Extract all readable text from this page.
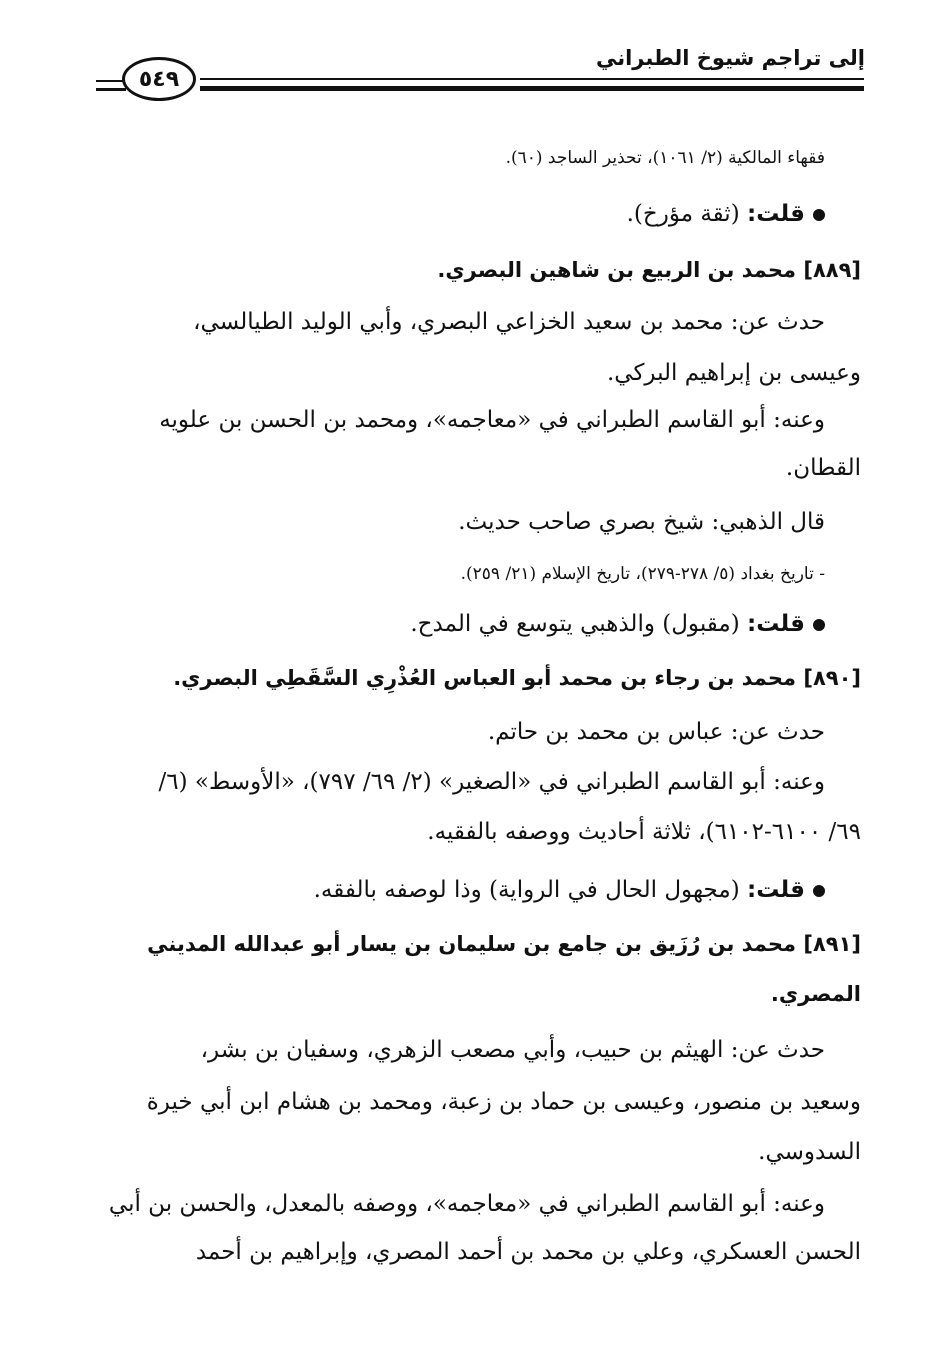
إلى تراجم شيوخ الطبراني
٥٤٩
فقهاء المالكية (٢/ ١٠٦١)، تحذير الساجد (٦٠).
قلت: (ثقة مؤرخ).
[٨٨٩] محمد بن الربيع بن شاهين البصري.
حدث عن: محمد بن سعيد الخزاعي البصري، وأبي الوليد الطيالسي،
وعيسى بن إبراهيم البركي.
وعنه: أبو القاسم الطبراني في «معاجمه»، ومحمد بن الحسن بن علويه
القطان.
قال الذهبي: شيخ بصري صاحب حديث.
- تاريخ بغداد (٥/ ٢٧٨-٢٧٩)، تاريخ الإسلام (٢١/ ٢٥٩).
قلت: (مقبول) والذهبي يتوسع في المدح.
[٨٩٠] محمد بن رجاء بن محمد أبو العباس العُذْرِي السَّقَطِي البصري.
حدث عن: عباس بن محمد بن حاتم.
وعنه: أبو القاسم الطبراني في «الصغير» (٢/ ٦٩/ ٧٩٧)، «الأوسط» (٦/
٦٩/ ٦١٠٠-٦١٠٢)، ثلاثة أحاديث ووصفه بالفقيه.
قلت: (مجهول الحال في الرواية) وذا لوصفه بالفقه.
[٨٩١] محمد بن رُزَيق بن جامع بن سليمان بن يسار أبو عبدالله المديني
المصري.
حدث عن: الهيثم بن حبيب، وأبي مصعب الزهري، وسفيان بن بشر،
وسعيد بن منصور، وعيسى بن حماد بن زعبة، ومحمد بن هشام ابن أبي خيرة
السدوسي.
وعنه: أبو القاسم الطبراني في «معاجمه»، ووصفه بالمعدل، والحسن بن أبي
الحسن العسكري، وعلي بن محمد بن أحمد المصري، وإبراهيم بن أحمد
